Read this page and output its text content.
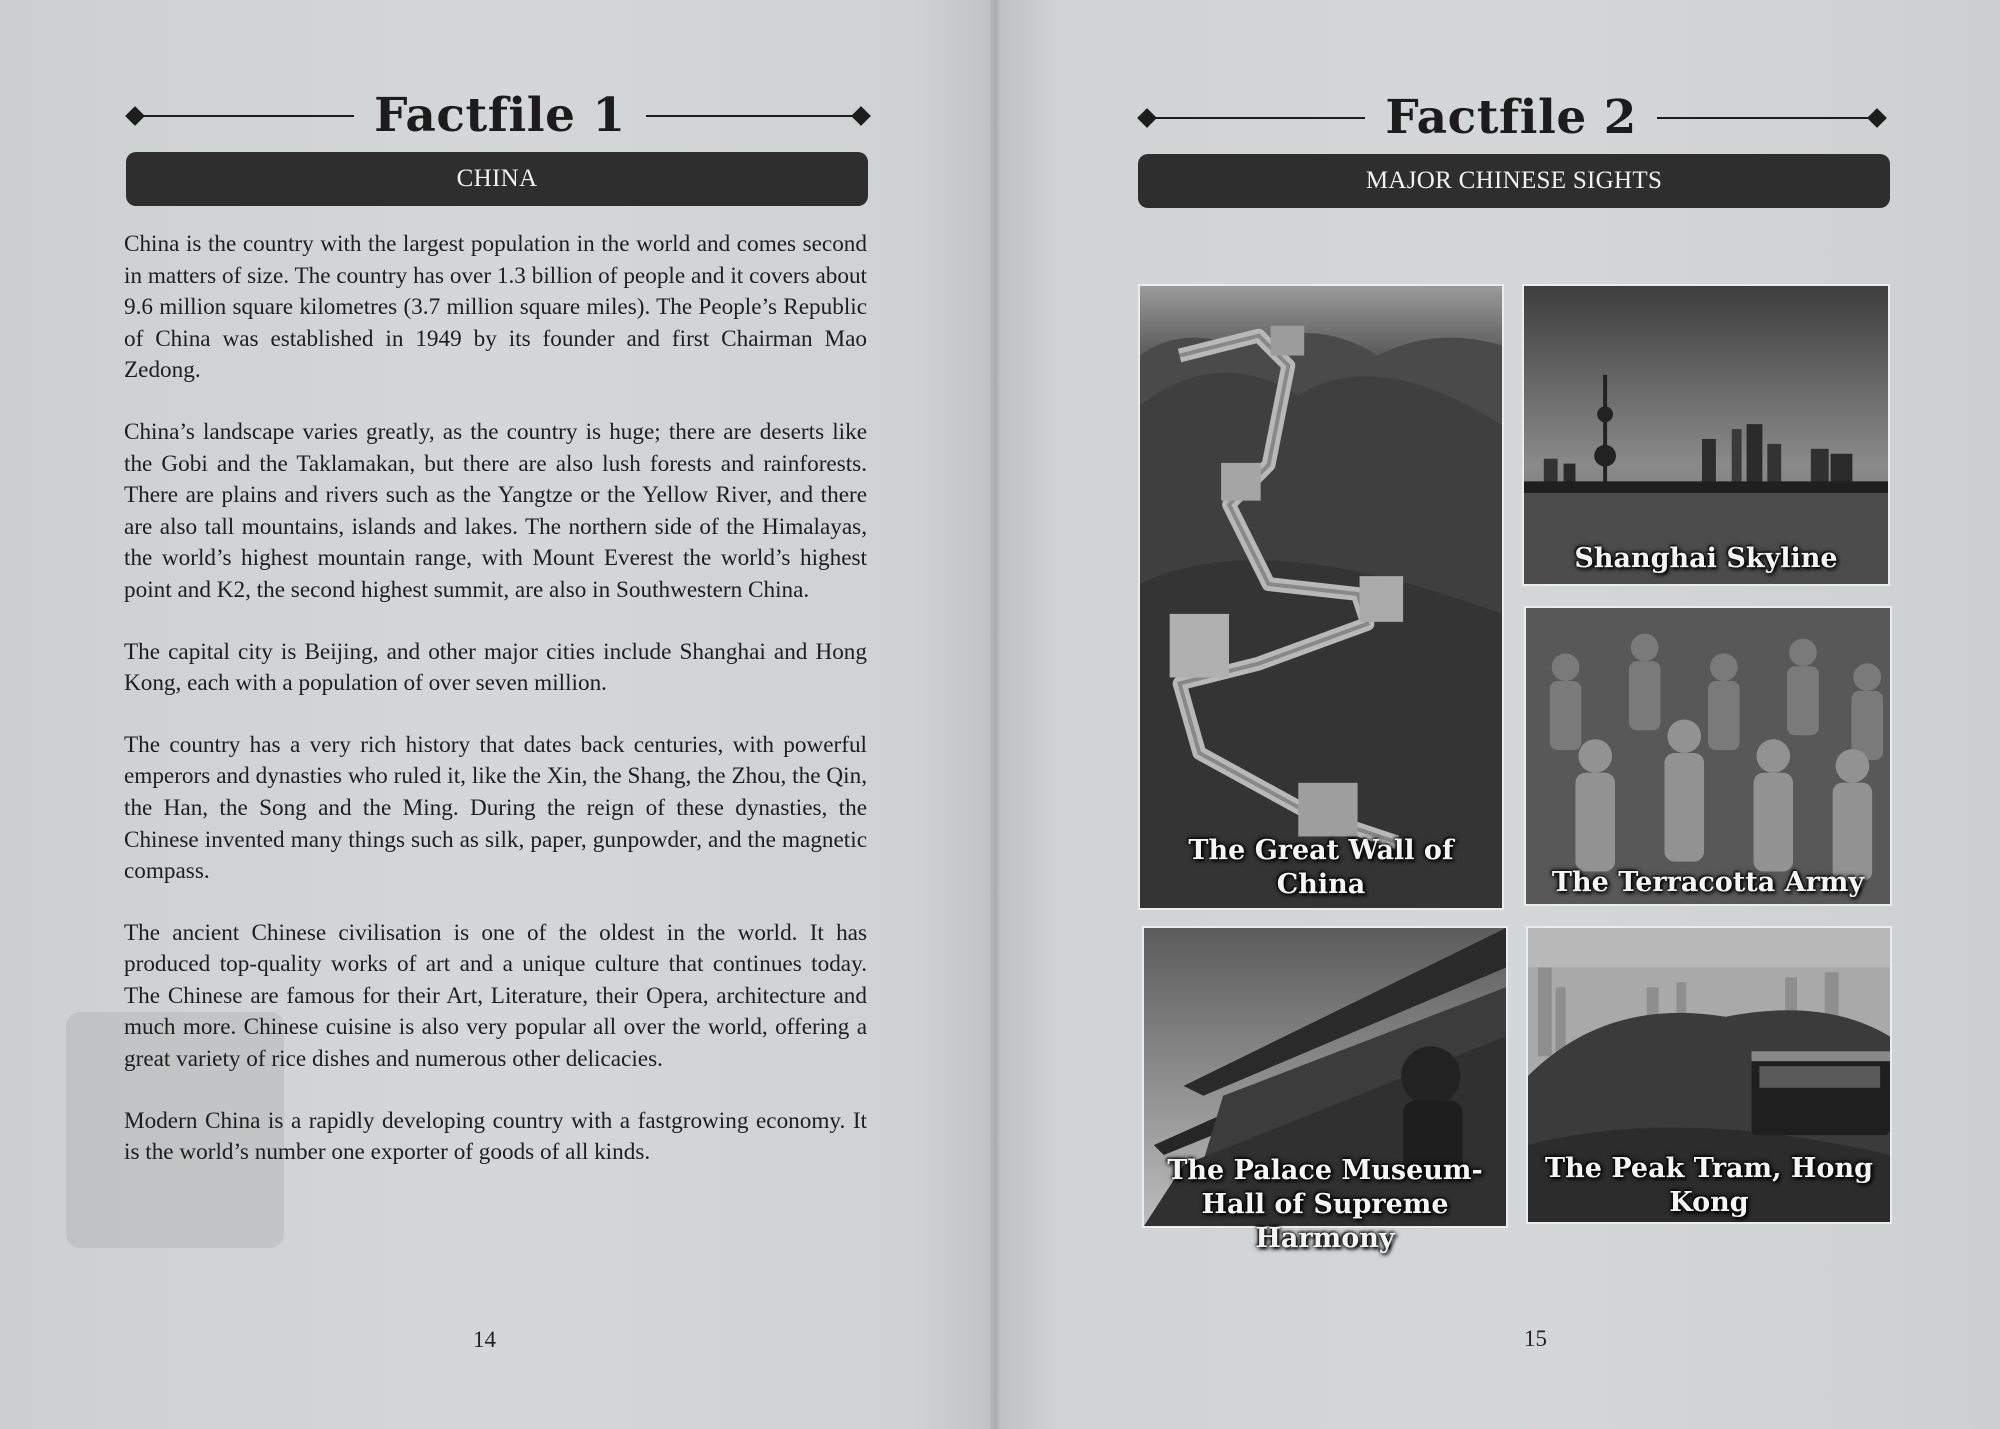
Factfile 1
CHINA

China is the country with the largest population in the world and comes second in matters of size. The country has over 1.3 billion of people and it covers about 9.6 million square kilometres (3.7 million square miles). The People’s Republic of China was established in 1949 by its founder and first Chairman Mao Zedong.

China’s landscape varies greatly, as the country is huge; there are deserts like the Gobi and the Taklamakan, but there are also lush forests and rainforests. There are plains and rivers such as the Yangtze or the Yellow River, and there are also tall mountains, islands and lakes. The northern side of the Himalayas, the world’s highest mountain range, with Mount Everest the world’s highest point and K2, the second highest summit, are also in Southwestern China.

The capital city is Beijing, and other major cities include Shanghai and Hong Kong, each with a population of over seven million.

The country has a very rich history that dates back centuries, with powerful emperors and dynasties who ruled it, like the Xin, the Shang, the Zhou, the Qin, the Han, the Song and the Ming. During the reign of these dynasties, the Chinese invented many things such as silk, paper, gunpowder, and the magnetic compass.

The ancient Chinese civilisation is one of the oldest in the world. It has produced top-quality works of art and a unique culture that continues today. The Chinese are famous for their Art, Literature, their Opera, architecture and much more. Chinese cuisine is also very popular all over the world, offering a great variety of rice dishes and numerous other delicacies.

Modern China is a rapidly developing country with a fastgrowing economy. It is the world’s number one exporter of goods of all kinds.

14
Factfile 2
MAJOR CHINESE SIGHTS
The Great Wall of China
Shanghai Skyline
The Terracotta Army
The Palace Museum-Hall of Supreme Harmony
The Peak Tram, Hong Kong
15
